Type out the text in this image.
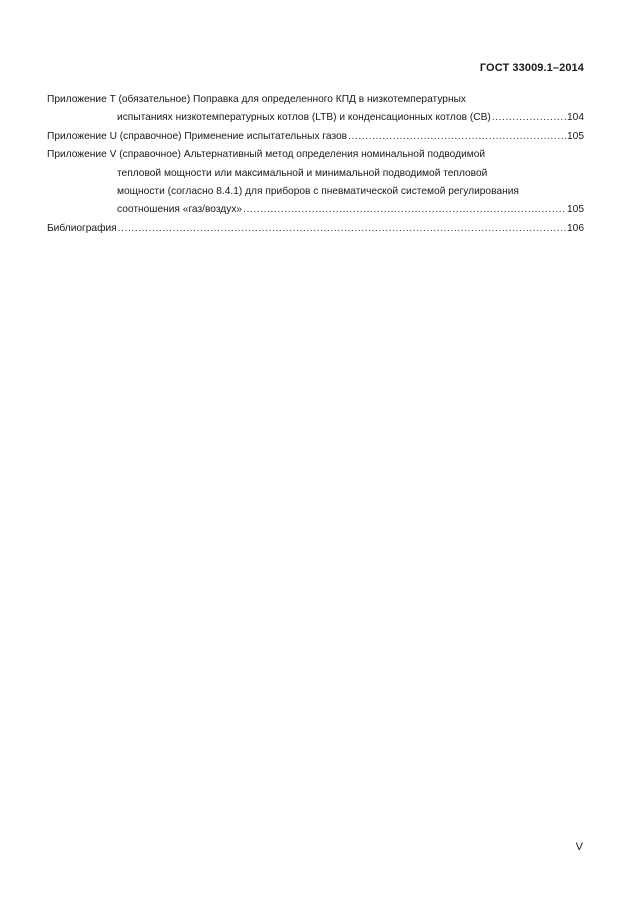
ГОСТ 33009.1–2014
Приложение T (обязательное) Поправка для определенного КПД в низкотемпературных
испытаниях низкотемпературных котлов (LTB) и конденсационных котлов (CB) .....	104
Приложение U (справочное) Применение испытательных газов .....	105
Приложение V (справочное) Альтернативный метод определения номинальной подводимой
тепловой мощности или максимальной и минимальной подводимой тепловой
мощности (согласно 8.4.1) для приборов с пневматической системой регулирования
соотношения «газ/воздух» .....	105
Библиография .....	106
V
